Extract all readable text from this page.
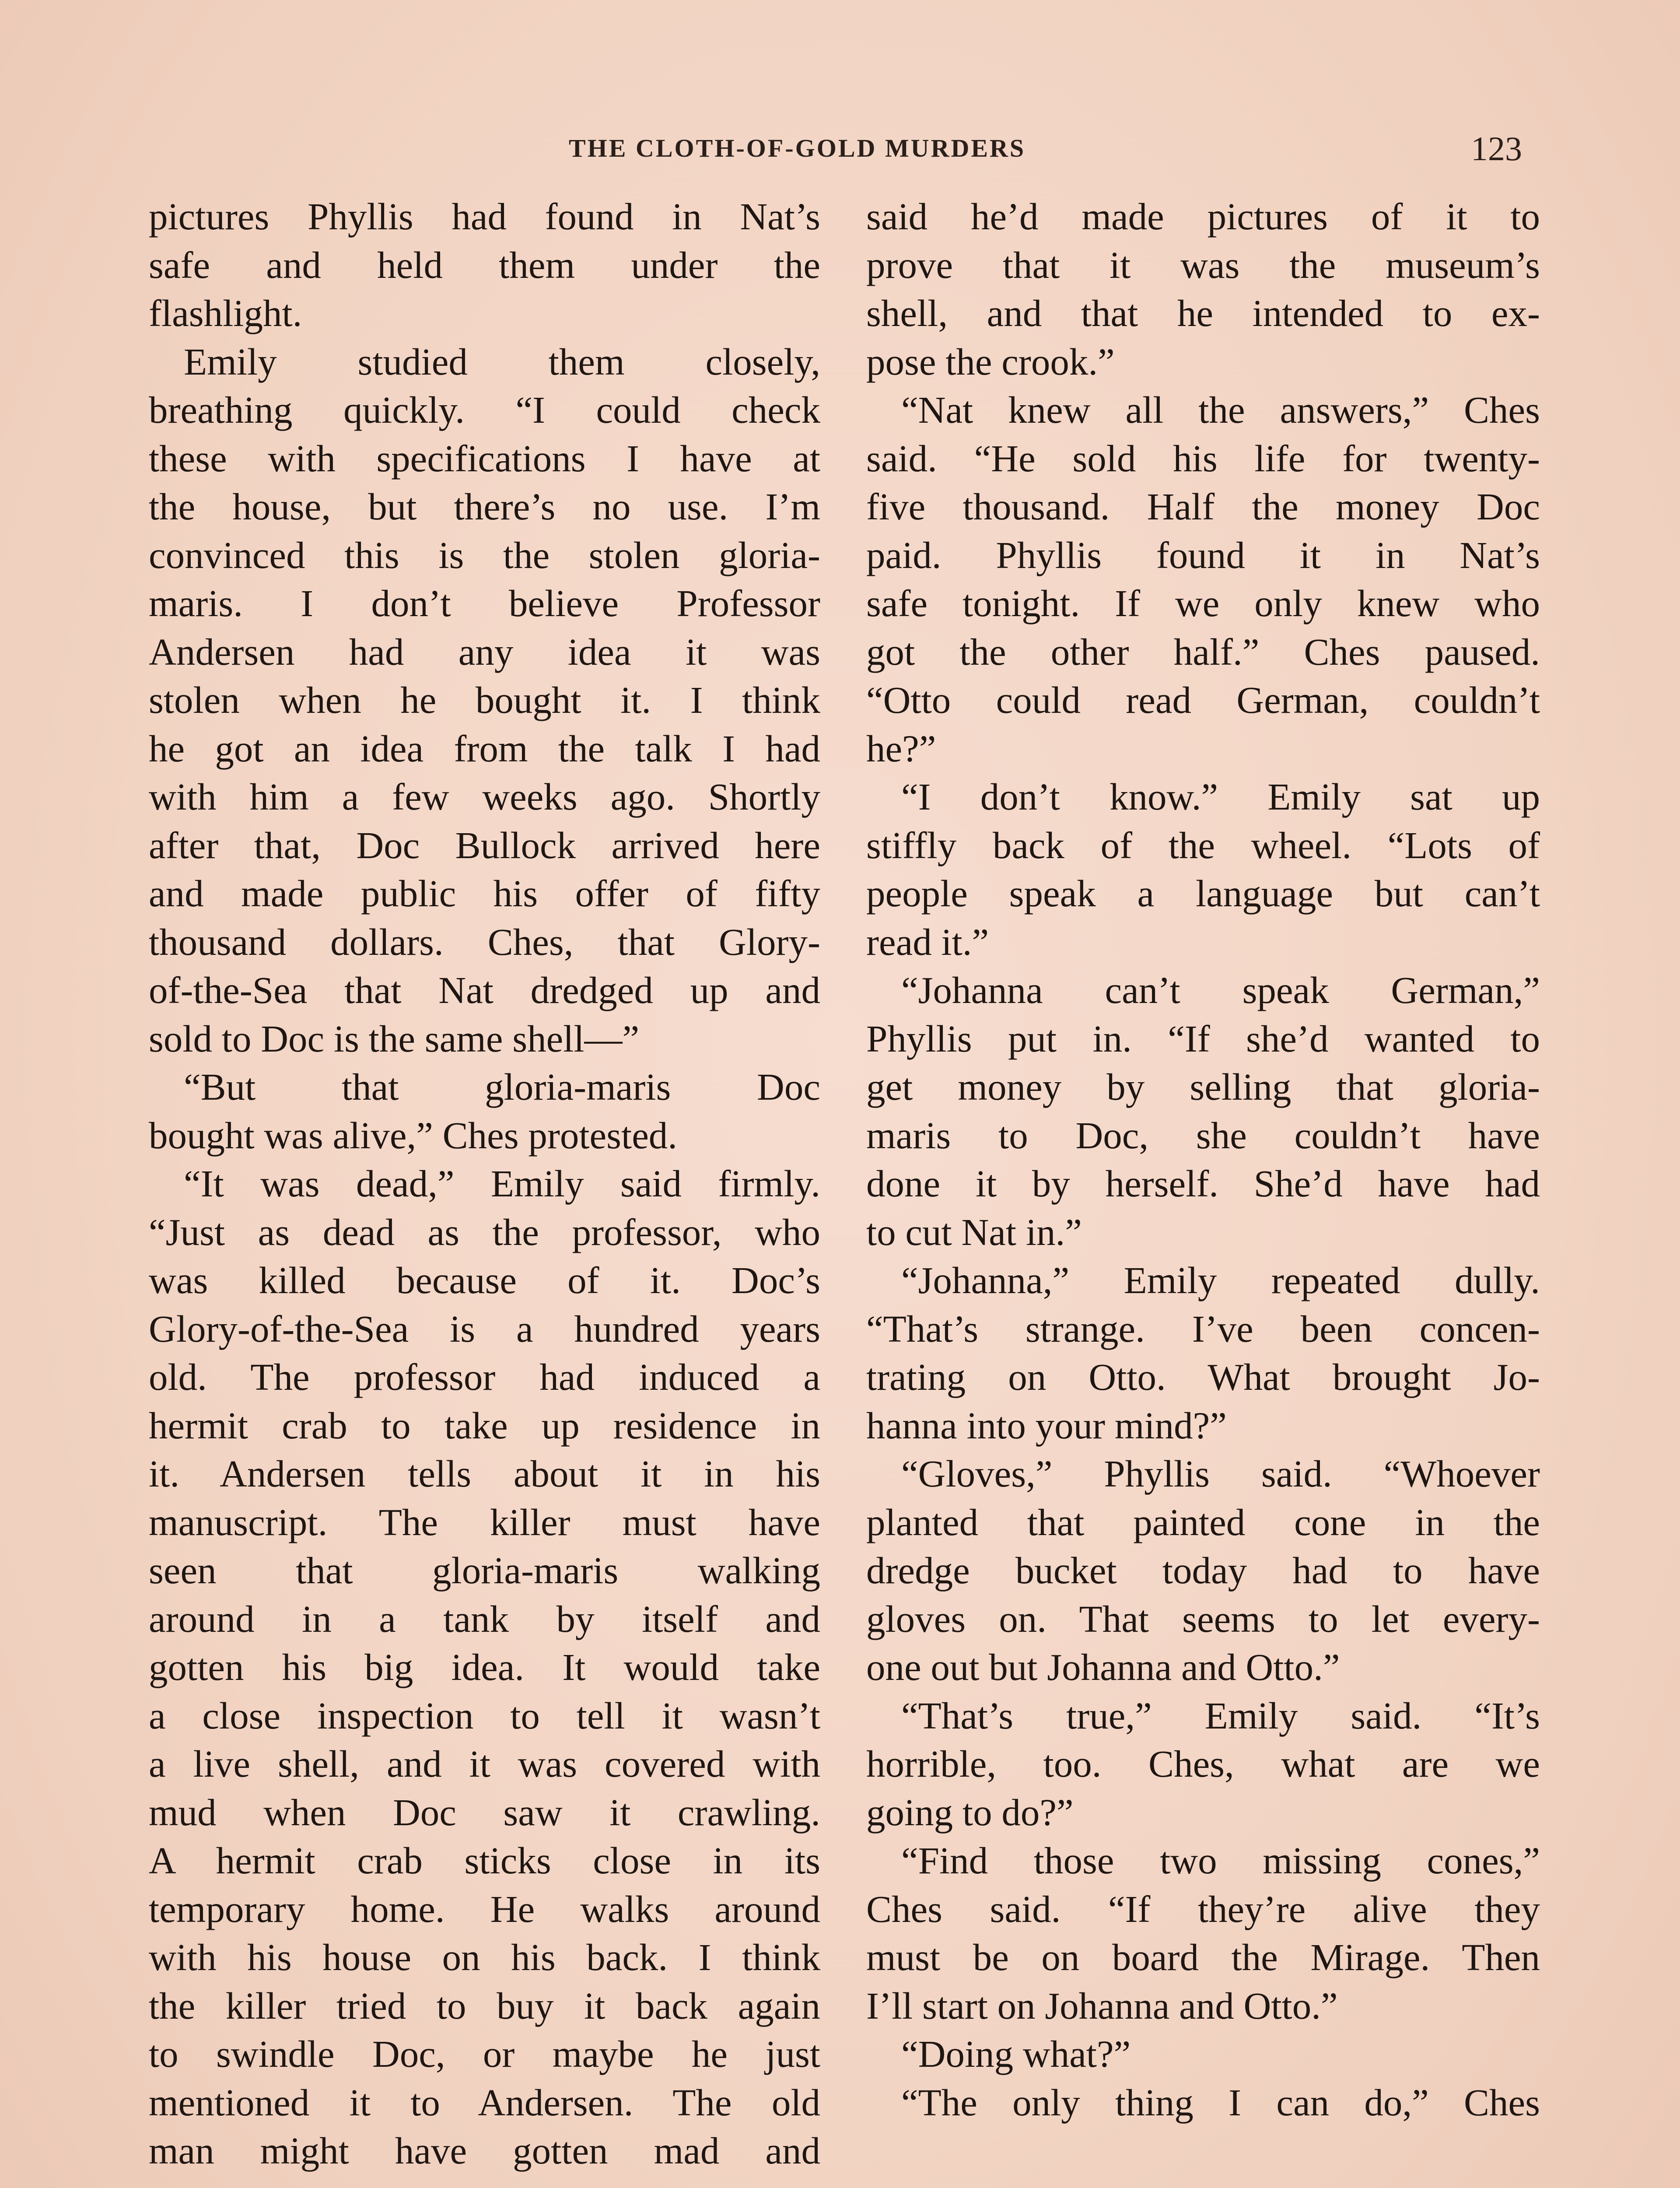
THE CLOTH-OF-GOLD MURDERS	123
pictures Phyllis had found in Nat’s
safe and held them under the
flashlight.
Emily studied them closely,
breathing quickly. “I could check
these with specifications I have at
the house, but there’s no use. I’m
convinced this is the stolen gloria-
maris. I don’t believe Professor
Andersen had any idea it was
stolen when he bought it. I think
he got an idea from the talk I had
with him a few weeks ago. Shortly
after that, Doc Bullock arrived here
and made public his offer of fifty
thousand dollars. Ches, that Glory-
of-the-Sea that Nat dredged up and
sold to Doc is the same shell—”
“But that gloria-maris Doc
bought was alive,” Ches protested.
“It was dead,” Emily said firmly.
“Just as dead as the professor, who
was killed because of it. Doc’s
Glory-of-the-Sea is a hundred years
old. The professor had induced a
hermit crab to take up residence in
it. Andersen tells about it in his
manuscript. The killer must have
seen that gloria-maris walking
around in a tank by itself and
gotten his big idea. It would take
a close inspection to tell it wasn’t
a live shell, and it was covered with
mud when Doc saw it crawling.
A hermit crab sticks close in its
temporary home. He walks around
with his house on his back. I think
the killer tried to buy it back again
to swindle Doc, or maybe he just
mentioned it to Andersen. The old
man might have gotten mad and
said he’d made pictures of it to
prove that it was the museum’s
shell, and that he intended to ex-
pose the crook.”
“Nat knew all the answers,” Ches
said. “He sold his life for twenty-
five thousand. Half the money Doc
paid. Phyllis found it in Nat’s
safe tonight. If we only knew who
got the other half.” Ches paused.
“Otto could read German, couldn’t
he?”
“I don’t know.” Emily sat up
stiffly back of the wheel. “Lots of
people speak a language but can’t
read it.”
“Johanna can’t speak German,”
Phyllis put in. “If she’d wanted to
get money by selling that gloria-
maris to Doc, she couldn’t have
done it by herself. She’d have had
to cut Nat in.”
“Johanna,” Emily repeated dully.
“That’s strange. I’ve been concen-
trating on Otto. What brought Jo-
hanna into your mind?”
“Gloves,” Phyllis said. “Whoever
planted that painted cone in the
dredge bucket today had to have
gloves on. That seems to let every-
one out but Johanna and Otto.”
“That’s true,” Emily said. “It’s
horrible, too. Ches, what are we
going to do?”
“Find those two missing cones,”
Ches said. “If they’re alive they
must be on board the Mirage. Then
I’ll start on Johanna and Otto.”
“Doing what?”
“The only thing I can do,” Ches
